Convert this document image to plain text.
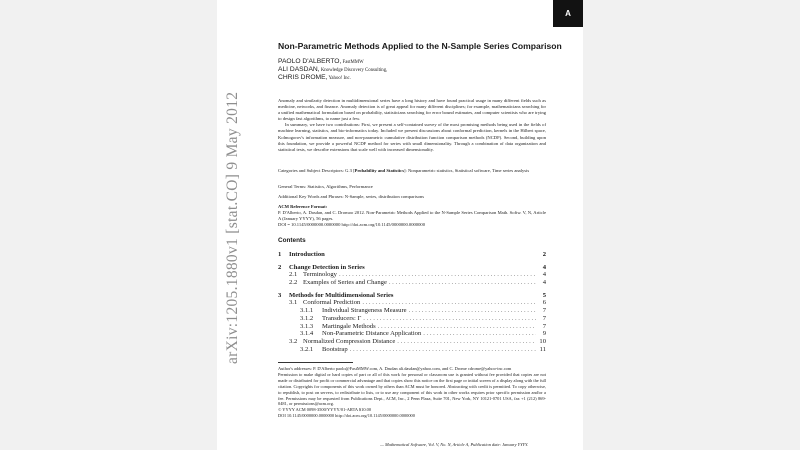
A
arXiv:1205.1880v1 [stat.CO] 9 May 2012
Non-Parametric Methods Applied to the N-Sample Series Comparison
PAOLO D'ALBERTO, FastMMW
ALI DASDAN, Knowledge Discovery Consulting,
CHRIS DROME, Yahoo! Inc.

Anomaly and similarity detection in multidimensional series have a long history and have found practical usage in many different fields such as medicine, networks, and finance. Anomaly detection is of great appeal for many different disciplines; for example, mathematicians searching for a unified mathematical formulation based on probability, statisticians searching for error bound estimates, and computer scientists who are trying to design fast algorithms, to name just a few.

In summary, we have two contributions: First, we present a self-contained survey of the most promising methods being used in the fields of machine learning, statistics, and bio-informatics today. Included we present discussions about conformal prediction, kernels in the Hilbert space, Kolmogorov's information measure, and non-parametric cumulative distribution function comparison methods (NCDF). Second, building upon this foundation, we provide a powerful NCDF method for series with small dimensionality. Through a combination of data organization and statistical tests, we describe extensions that scale well with increased dimensionality.

Categories and Subject Descriptors: G.3 [Probability and Statistics]: Nonparametric statistics, Statistical software, Time series analysis
General Terms: Statistics, Algorithms, Performance
Additional Key Words and Phrases: N-Sample, series, distribution comparisons

ACM Reference Format:

P. D'Alberto, A. Dasdan, and C. Dromoo 2012. Non-Parametric Methods Applied to the N-Sample Series Comparison Math. Softw. V, N, Article A (January YYYY), 56 pages.

DOI = 10.1145/0000000.0000000 http://doi.acm.org/10.1145/0000000.0000000

Contents
1	Introduction	2
2	Change Detection in Series	4
2.1 Terminology . . .	4
2.2 Examples of Series and Change . . .	4
3	Methods for Multidimensional Series	5
3.1 Conformal Prediction . . .	6
3.1.1	Individual Strangeness Measure . . .	7
3.1.2	Transducers: Γ . . .	7
3.1.3	Martingale Methods . . .	7
3.1.4	Non-Parametric Distance Application . . .	9
3.2 Normalized Compression Distance . . .	10
3.2.1	Bootstrap . . .	11

Author's addresses: P. D'Alberto paolo@FastMMW.com, A. Dasdan ali.dasdan@yahoo.com, and C. Drome cdrome@yahoo-inc.com

Permission to make digital or hard copies of part or all of this work for personal or classroom use is granted without fee provided that copies are not made or distributed for profit or commercial advantage and that copies show this notice on the first page or initial screen of a display along with the full citation. Copyrights for components of this work owned by others than ACM must be honored. Abstracting with credit is permitted. To copy otherwise, to republish, to post on servers, to redistribute to lists, or to use any component of this work in other works requires prior specific permission and/or a fee. Permissions may be requested from Publications Dept., ACM, Inc., 2 Penn Plaza, Suite 701, New York, NY 10121-0701 USA, fax +1 (212) 869-0481, or permissions@acm.org.

© YYYY ACM 0098-3500/YYYY/01-ARTA $10.00

DOI 10.1145/0000000.0000000 http://doi.acm.org/10.1145/0000000.0000000

— Mathematical Software, Vol. V, No. N, Article A, Publication date: January YYYY.
